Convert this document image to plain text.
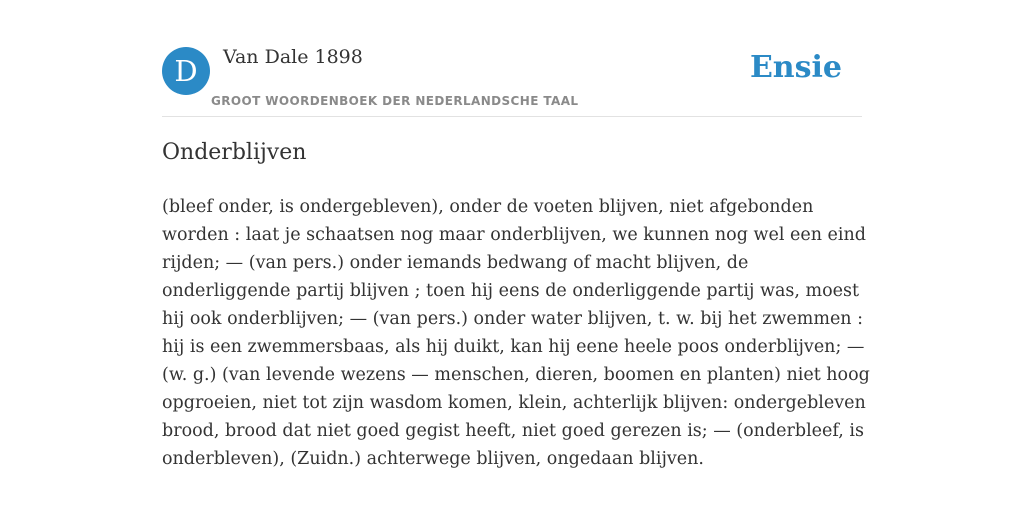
D	Van Dale 1898
GROOT WOORDENBOEK DER NEDERLANDSCHE TAAL
Ensie
Onderblijven

(bleef onder, is ondergebleven), onder de voeten blijven, niet afgebonden worden : laat je schaatsen nog maar onderblijven, we kunnen nog wel een eind rijden; — (van pers.) onder iemands bedwang of macht blijven, de onderliggende partij blijven ; toen hij eens de onderliggende partij was, moest hij ook onderblijven; — (van pers.) onder water blijven, t. w. bij het zwemmen : hij is een zwemmersbaas, als hij duikt, kan hij eene heele poos onderblijven; — (w. g.) (van levende wezens — menschen, dieren, boomen en planten) niet hoog opgroeien, niet tot zijn wasdom komen, klein, achterlijk blijven: ondergebleven brood, brood dat niet goed gegist heeft, niet goed gerezen is; — (onderbleef, is onderbleven), (Zuidn.) achterwege blijven, ongedaan blijven.
